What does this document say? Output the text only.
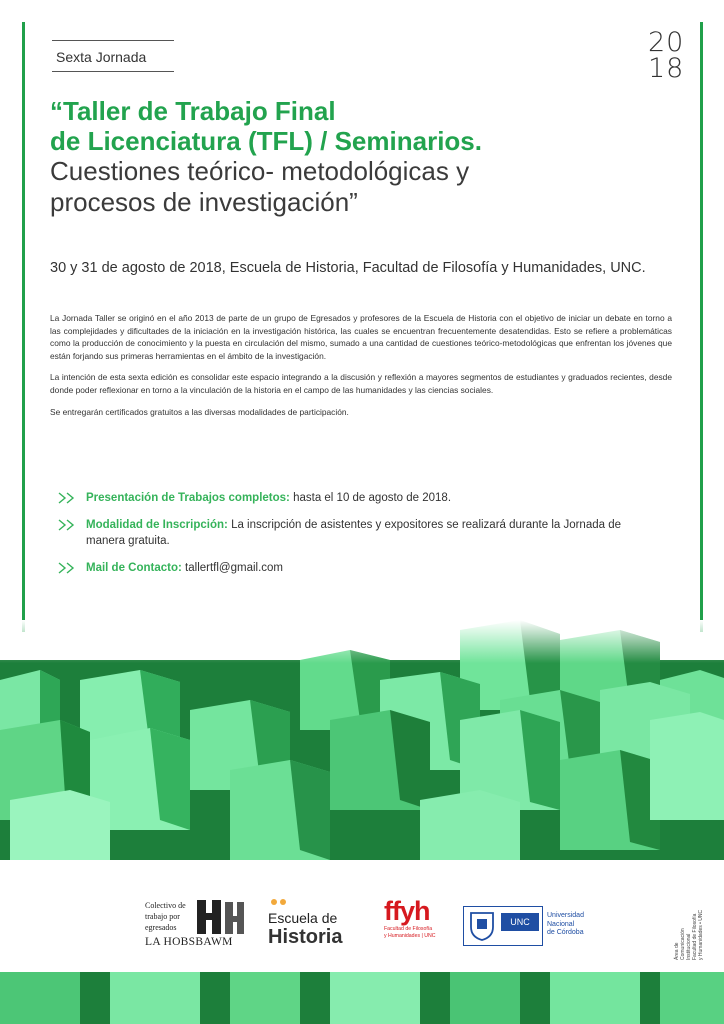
Sexta Jornada	20
18
“Taller de Trabajo Final
de Licenciatura (TFL) / Seminarios.
Cuestiones teórico- metodológicas y
procesos de investigación”
30 y 31 de agosto de 2018, Escuela de Historia, Facultad de Filosofía y Humanidades, UNC.

La Jornada Taller se originó en el año 2013 de parte de un grupo de Egresados y profesores de la Escuela de Historia con el objetivo de iniciar un debate en torno a las complejidades y dificultades de la iniciación en la investigación histórica, las cuales se encuentran frecuentemente desatendidas. Esto se refiere a problemáticas como la producción de conocimiento y la puesta en circulación del mismo, sumado a una cantidad de cuestiones teórico-metodológicas que enfrentan los jóvenes que están forjando sus primeras herramientas en el ámbito de la investigación.

La intención de esta sexta edición es consolidar este espacio integrando a la discusión y reflexión a mayores segmentos de estudiantes y graduados recientes, desde donde poder reflexionar en torno a la vinculación de la historia en el campo de las humanidades y las ciencias sociales.

Se entregarán certificados gratuitos a las diversas modalidades de participación.

Presentación de Trabajos completos: hasta el 10 de agosto de 2018.
Modalidad de Inscripción: La inscripción de asistentes y expositores se realizará durante la Jornada de manera gratuita.
Mail de Contacto: tallertfl@gmail.com
Colectivo de
trabajo por
egresados
LA HOBSBAWM
Escuela de
Historia
ffyh
Facultad de Filosofía
y Humanidades | UNC
UNC
Universidad
Nacional
de Córdoba
Área de Comunicación Institucional Facultad de Filosofía y Humanidades • UNC
